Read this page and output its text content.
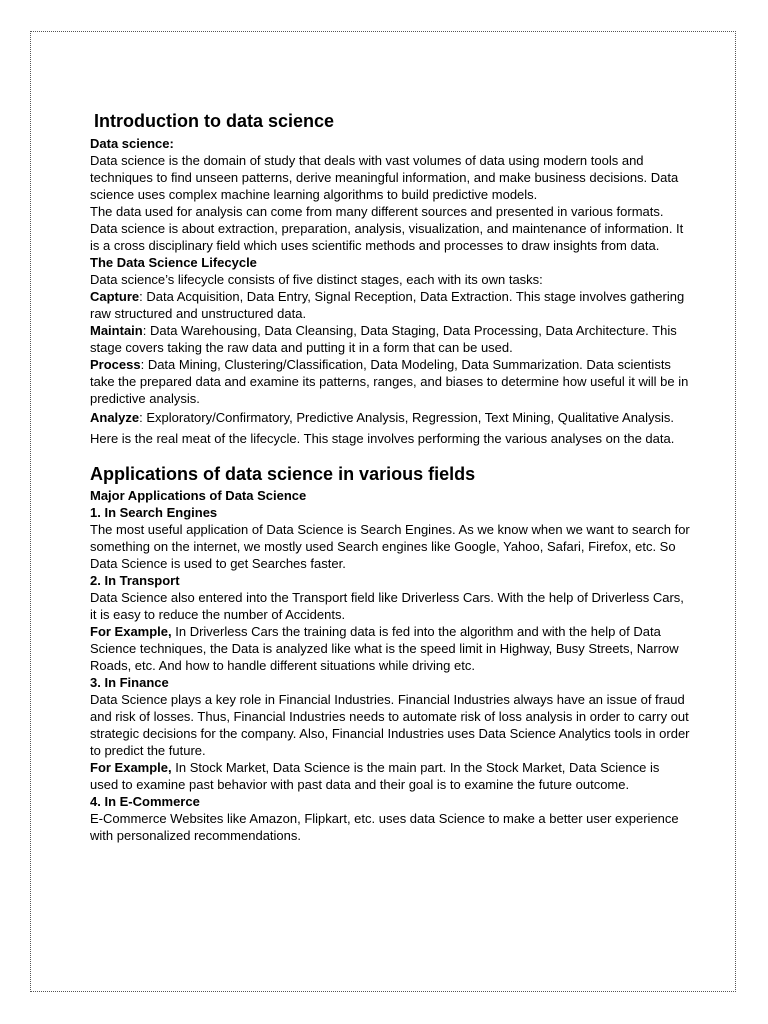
Introduction to data science

Data science:

Data science is the domain of study that deals with vast volumes of data using modern tools and techniques to find unseen patterns, derive meaningful information, and make business decisions. Data science uses complex machine learning algorithms to build predictive models.

The data used for analysis can come from many different sources and presented in various formats.

Data science is about extraction, preparation, analysis, visualization, and maintenance of information. It is a cross disciplinary field which uses scientific methods and processes to draw insights from data.

The Data Science Lifecycle

Data science’s lifecycle consists of five distinct stages, each with its own tasks:

Capture: Data Acquisition, Data Entry, Signal Reception, Data Extraction. This stage involves gathering raw structured and unstructured data.

Maintain: Data Warehousing, Data Cleansing, Data Staging, Data Processing, Data Architecture. This stage covers taking the raw data and putting it in a form that can be used.

Process: Data Mining, Clustering/Classification, Data Modeling, Data Summarization. Data scientists take the prepared data and examine its patterns, ranges, and biases to determine how useful it will be in predictive analysis.

Analyze: Exploratory/Confirmatory, Predictive Analysis, Regression, Text Mining, Qualitative Analysis. Here is the real meat of the lifecycle. This stage involves performing the various analyses on the data.

Applications of data science in various fields

Major Applications of Data Science

1. In Search Engines

The most useful application of Data Science is Search Engines. As we know when we want to search for something on the internet, we mostly used Search engines like Google, Yahoo, Safari, Firefox, etc. So Data Science is used to get Searches faster.

2. In Transport

Data Science also entered into the Transport field like Driverless Cars. With the help of Driverless Cars, it is easy to reduce the number of Accidents.

For Example, In Driverless Cars the training data is fed into the algorithm and with the help of Data Science techniques, the Data is analyzed like what is the speed limit in Highway, Busy Streets, Narrow Roads, etc. And how to handle different situations while driving etc.

3. In Finance

Data Science plays a key role in Financial Industries. Financial Industries always have an issue of fraud and risk of losses. Thus, Financial Industries needs to automate risk of loss analysis in order to carry out strategic decisions for the company. Also, Financial Industries uses Data Science Analytics tools in order to predict the future.

For Example, In Stock Market, Data Science is the main part. In the Stock Market, Data Science is used to examine past behavior with past data and their goal is to examine the future outcome.

4. In E-Commerce

E-Commerce Websites like Amazon, Flipkart, etc. uses data Science to make a better user experience with personalized recommendations.
